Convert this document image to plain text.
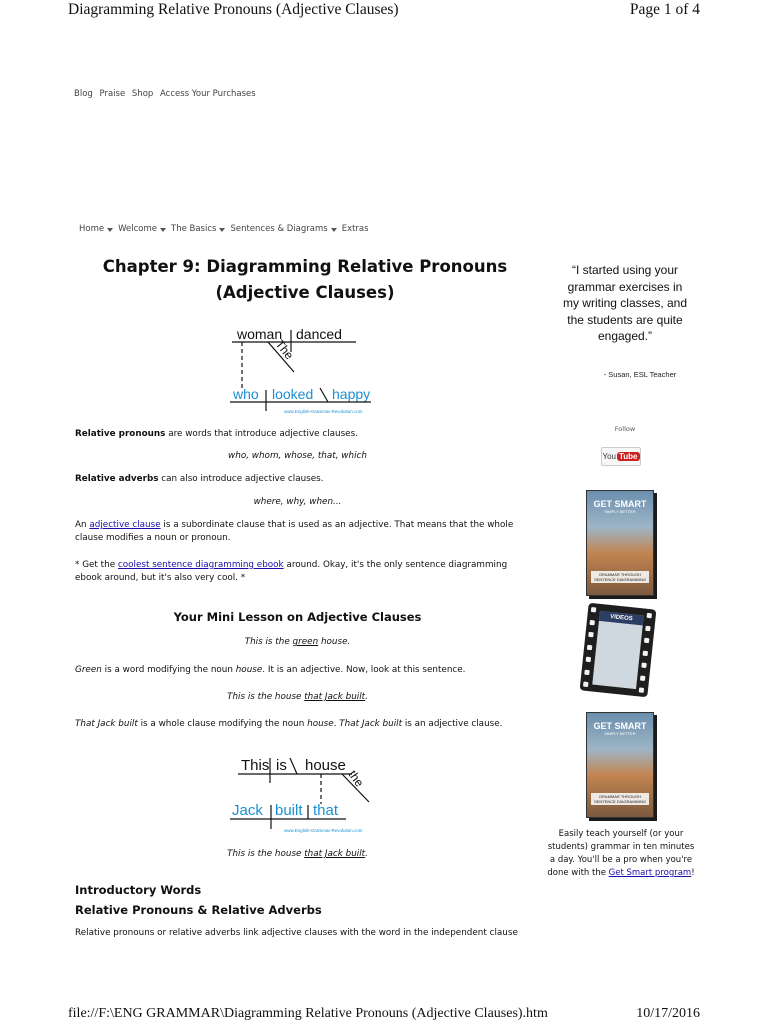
Diagramming Relative Pronouns (Adjective Clauses)	Page 1 of 4
file://F:\ENG GRAMMAR\Diagramming Relative Pronouns (Adjective Clauses).htm	10/17/2016
Blog Praise Shop Access Your Purchases
Home Welcome The Basics Sentences & Diagrams Extras
Chapter 9: Diagramming Relative Pronouns
(Adjective Clauses)
woman danced
The
who looked happy
www.English-Grammar-Revolution.com
Relative pronouns are words that introduce adjective clauses.
who, whom, whose, that, which
Relative adverbs can also introduce adjective clauses.
where, why, when...
An adjective clause is a subordinate clause that is used as an adjective. That means that the whole clause modifies a noun or pronoun.
* Get the coolest sentence diagramming ebook around. Okay, it's the only sentence diagramming ebook around, but it's also very cool. *
Your Mini Lesson on Adjective Clauses
This is the green house.
Green is a word modifying the noun house. It is an adjective. Now, look at this sentence.
This is the house that Jack built.
That Jack built is a whole clause modifying the noun house. That Jack built is an adjective clause.
This is house
the
Jack built that
www.English-Grammar-Revolution.com
This is the house that Jack built.
Introductory Words
Relative Pronouns & Relative Adverbs
Relative pronouns or relative adverbs link adjective clauses with the word in the independent clause
“I started using your grammar exercises in my writing classes, and the students are quite engaged.”
- Susan, ESL Teacher
Follow
You Tube
GET SMART
SIMPLY BETTER
GRAMMAR THROUGH SENTENCE DIAGRAMMING
VIDEOS
GET SMART
SIMPLY BETTER
GRAMMAR THROUGH SENTENCE DIAGRAMMING
Easily teach yourself (or your students) grammar in ten minutes a day. You'll be a pro when you're done with the Get Smart program!
